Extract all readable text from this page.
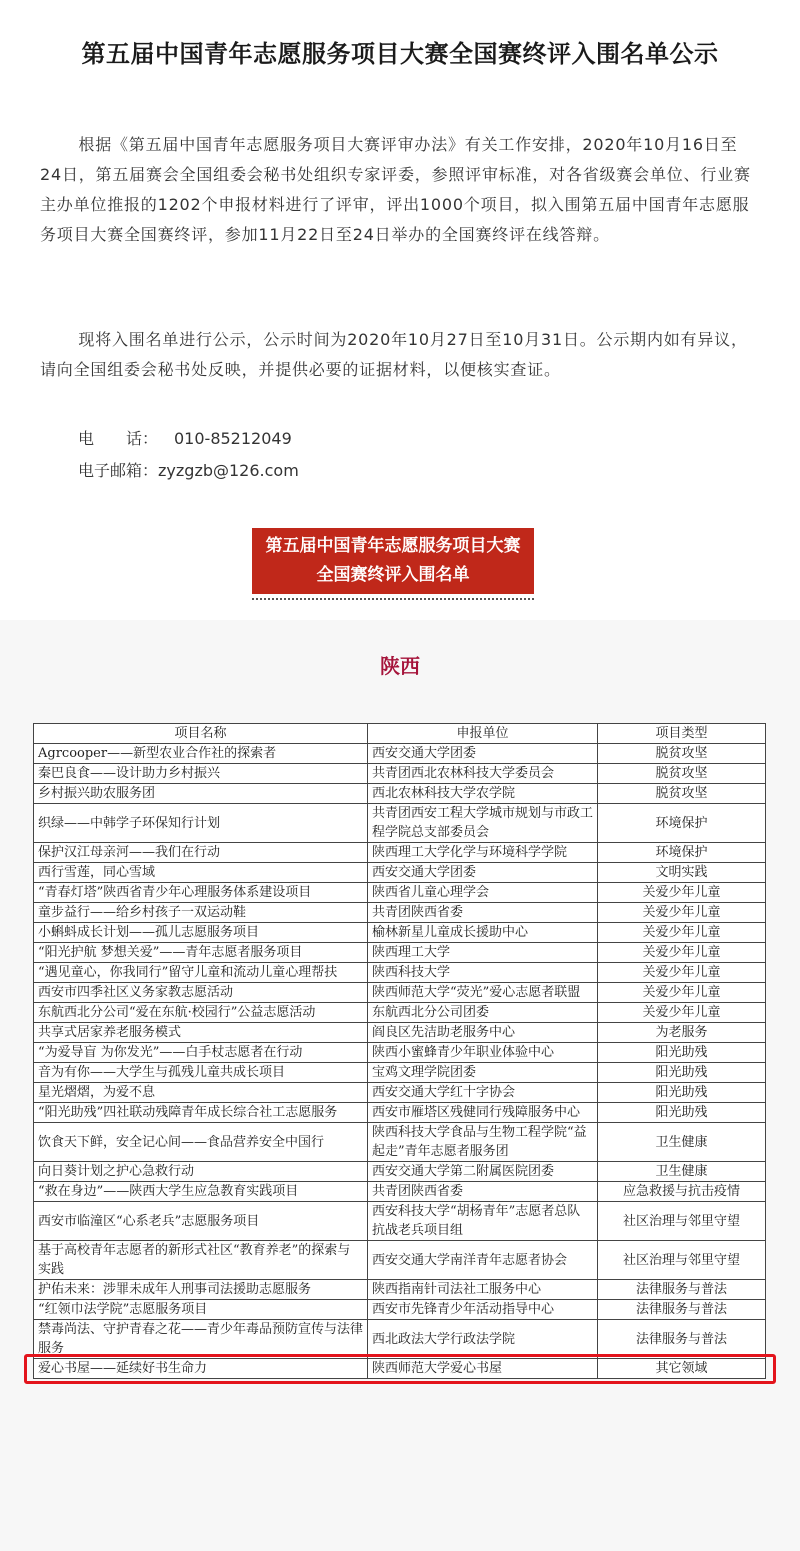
第五届中国青年志愿服务项目大赛全国赛终评入围名单公示

根据《第五届中国青年志愿服务项目大赛评审办法》有关工作安排，2020年10月16日至24日，第五届赛会全国组委会秘书处组织专家评委，参照评审标准，对各省级赛会单位、行业赛主办单位推报的1202个申报材料进行了评审，评出1000个项目，拟入围第五届中国青年志愿服务项目大赛全国赛终评，参加11月22日至24日举办的全国赛终评在线答辩。

现将入围名单进行公示，公示时间为2020年10月27日至10月31日。公示期内如有异议，请向全国组委会秘书处反映，并提供必要的证据材料，以便核实查证。

电　　话： 010-85212049
电子邮箱：zyzgzb@126.com
第五届中国青年志愿服务项目大赛
全国赛终评入围名单
陕西
项目名称	申报单位	项目类型
Agrcooper——新型农业合作社的探索者	西安交通大学团委	脱贫攻坚
秦巴良食——设计助力乡村振兴	共青团西北农林科技大学委员会	脱贫攻坚
乡村振兴助农服务团	西北农林科技大学农学院	脱贫攻坚
织绿——中韩学子环保知行计划	共青团西安工程大学城市规划与市政工程学院总支部委员会	环境保护
保护汉江母亲河——我们在行动	陕西理工大学化学与环境科学学院	环境保护
西行雪莲，同心雪域	西安交通大学团委	文明实践
“青春灯塔”陕西省青少年心理服务体系建设项目	陕西省儿童心理学会	关爱少年儿童
童步益行——给乡村孩子一双运动鞋	共青团陕西省委	关爱少年儿童
小蝌蚪成长计划——孤儿志愿服务项目	榆林新星儿童成长援助中心	关爱少年儿童
“阳光护航 梦想关爱”——青年志愿者服务项目	陕西理工大学	关爱少年儿童
“遇见童心，你我同行”留守儿童和流动儿童心理帮扶	陕西科技大学	关爱少年儿童
西安市四季社区义务家教志愿活动	陕西师范大学“荧光”爱心志愿者联盟	关爱少年儿童
东航西北分公司“爱在东航·校园行”公益志愿活动	东航西北分公司团委	关爱少年儿童
共享式居家养老服务模式	阎良区先洁助老服务中心	为老服务
“为爱导盲 为你发光”——白手杖志愿者在行动	陕西小蜜蜂青少年职业体验中心	阳光助残
音为有你——大学生与孤残儿童共成长项目	宝鸡文理学院团委	阳光助残
星光熠熠，为爱不息	西安交通大学红十字协会	阳光助残
“阳光助残”四社联动残障青年成长综合社工志愿服务	西安市雁塔区残健同行残障服务中心	阳光助残
饮食天下鲜，安全记心间——食品营养安全中国行	陕西科技大学食品与生物工程学院“益起走”青年志愿者服务团	卫生健康
向日葵计划之护心急救行动	西安交通大学第二附属医院团委	卫生健康
“救在身边”——陕西大学生应急教育实践项目	共青团陕西省委	应急救援与抗击疫情
西安市临潼区“心系老兵”志愿服务项目	西安科技大学“胡杨青年”志愿者总队抗战老兵项目组	社区治理与邻里守望
基于高校青年志愿者的新形式社区“教育养老”的探索与实践	西安交通大学南洋青年志愿者协会	社区治理与邻里守望
护佑未来：涉罪未成年人刑事司法援助志愿服务	陕西指南针司法社工服务中心	法律服务与普法
“红领巾法学院”志愿服务项目	西安市先锋青少年活动指导中心	法律服务与普法
禁毒尚法、守护青春之花——青少年毒品预防宣传与法律服务	西北政法大学行政法学院	法律服务与普法
爱心书屋——延续好书生命力	陕西师范大学爱心书屋	其它领域
